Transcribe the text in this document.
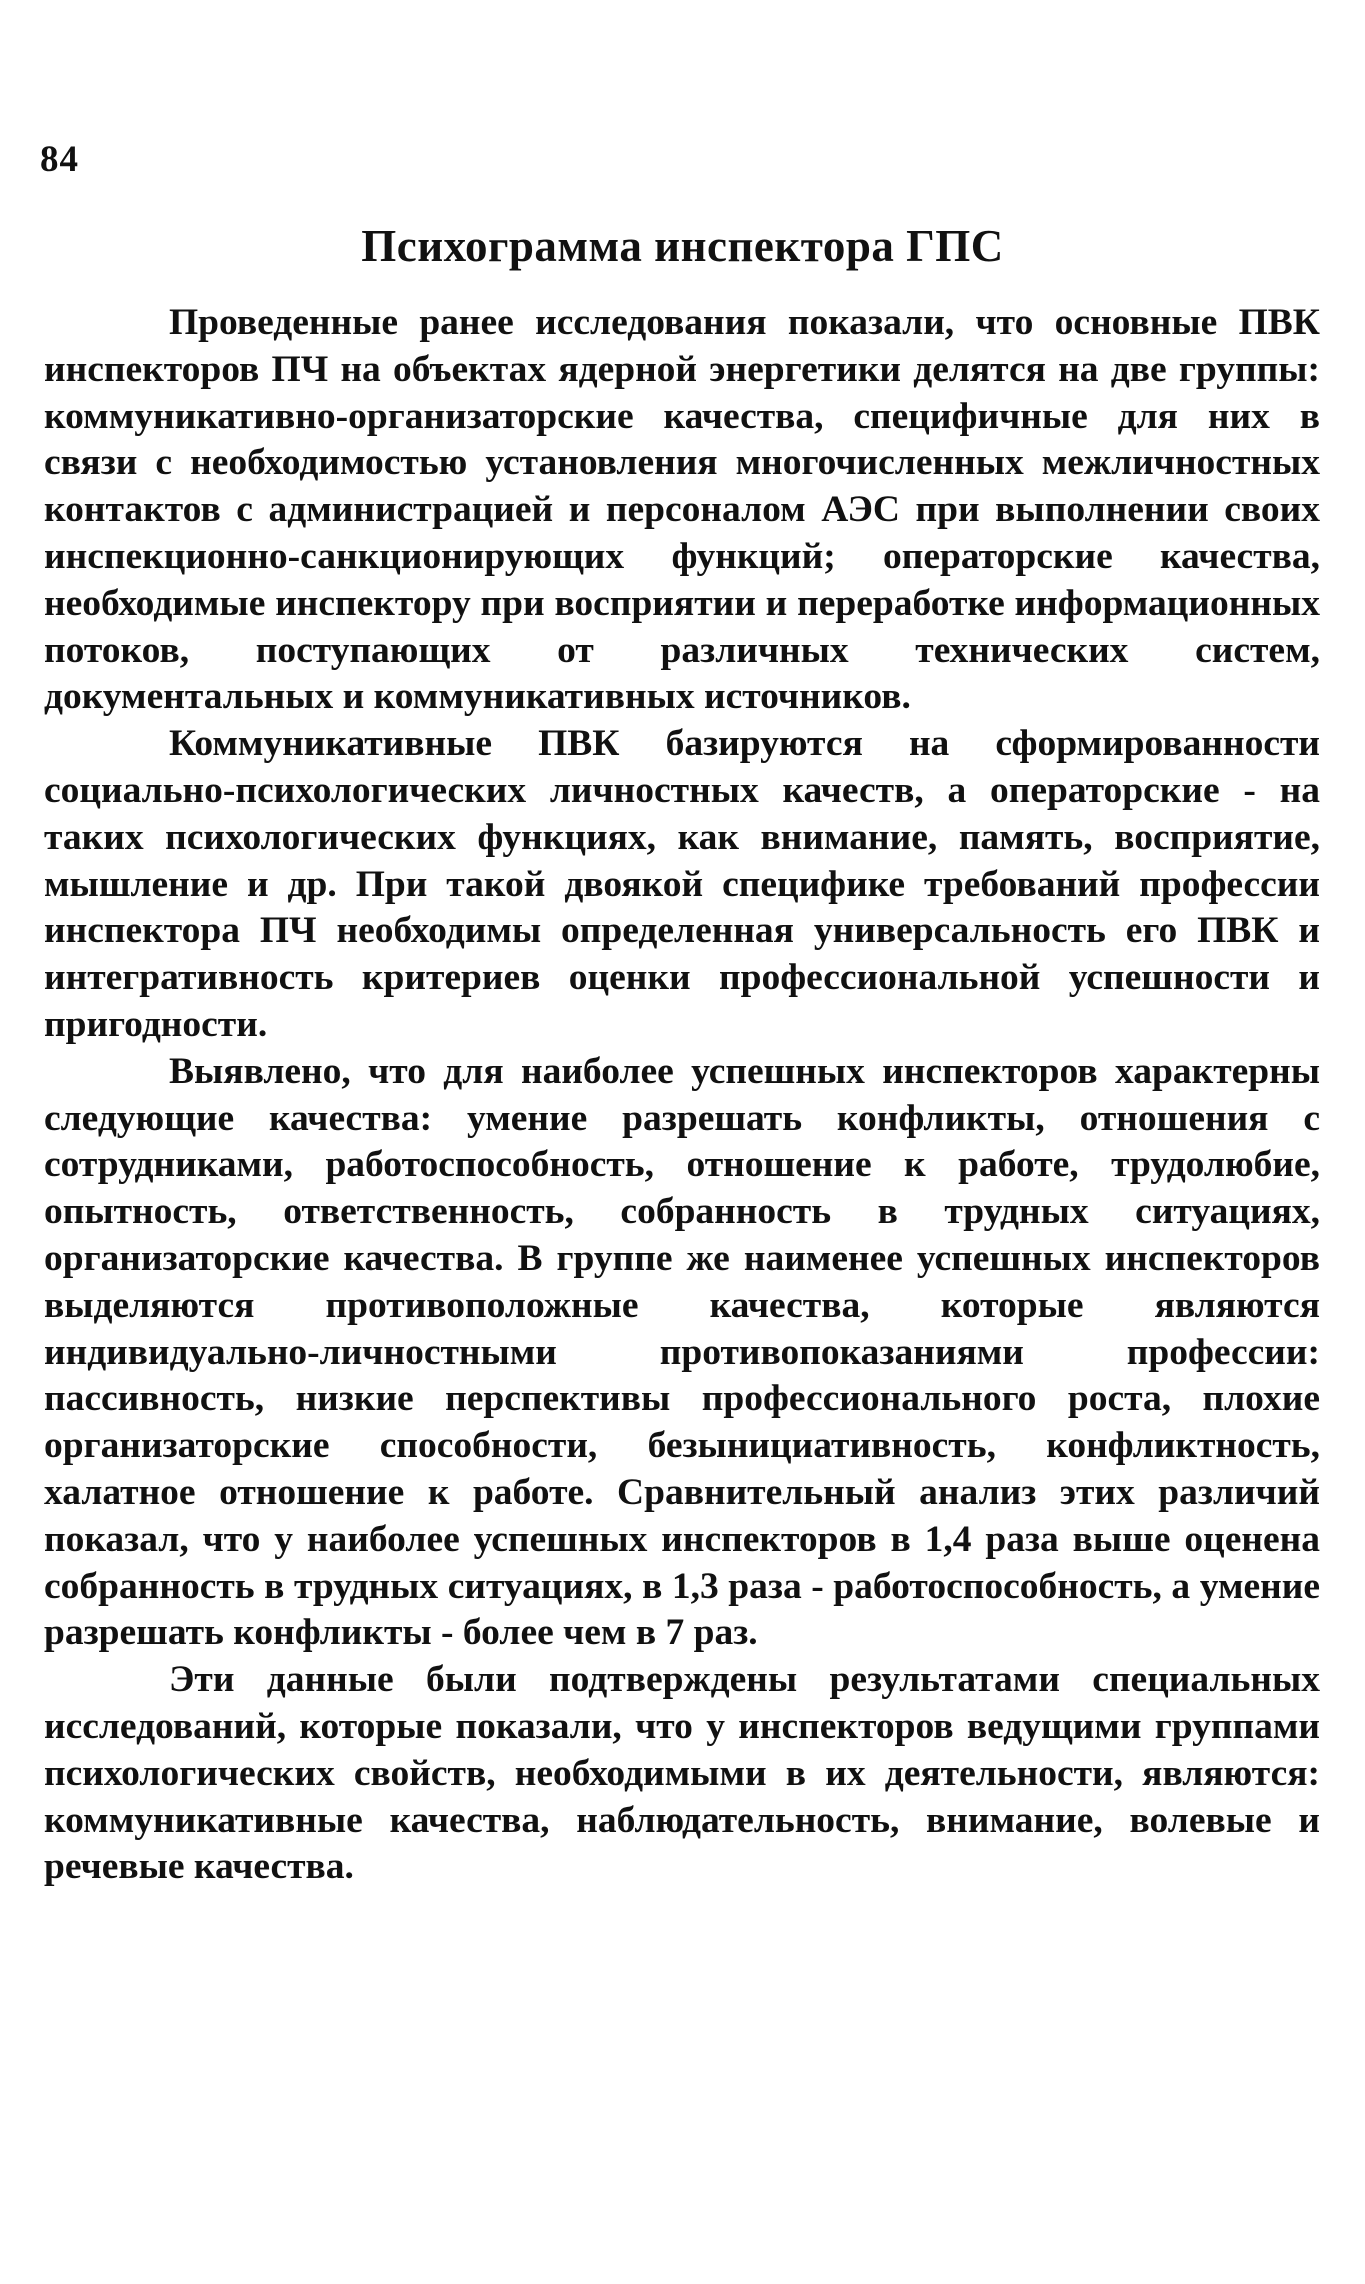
84
Психограмма инспектора ГПС

Проведенные ранее исследования показали, что основные ПВК инспекторов ПЧ на объектах ядерной энергетики делятся на две группы: коммуникативно-организаторские качества, специфичные для них в связи с необходимостью установления многочисленных межличностных контактов с администрацией и персоналом АЭС при выполнении своих инспекционно-санкционирующих функций; операторские качества, необходимые инспектору при восприятии и переработке информационных потоков, поступающих от различных технических систем, документальных и коммуникативных источников.

Коммуникативные ПВК базируются на сформированности социально-психологических личностных качеств, а операторские - на таких психологических функциях, как внимание, память, восприятие, мышление и др. При такой двоякой специфике требований профессии инспектора ПЧ необходимы определенная универсальность его ПВК и интегративность критериев оценки профессиональной успешности и пригодности.

Выявлено, что для наиболее успешных инспекторов характерны следующие качества: умение разрешать конфликты, отношения с сотрудниками, работоспособность, отношение к работе, трудолюбие, опытность, ответственность, собранность в трудных ситуациях, организаторские качества. В группе же наименее успешных инспекторов выделяются противоположные качества, которые являются индивидуально-личностными противопоказаниями профессии: пассивность, низкие перспективы профессионального роста, плохие организаторские способности, безынициативность, конфликтность, халатное отношение к работе. Сравнительный анализ этих различий показал, что у наиболее успешных инспекторов в 1,4 раза выше оценена собранность в трудных ситуациях, в 1,3 раза - работоспособность, а умение разрешать конфликты - более чем в 7 раз.

Эти данные были подтверждены результатами специальных исследований, которые показали, что у инспекторов ведущими группами психологических свойств, необходимыми в их деятельности, являются: коммуникативные качества, наблюдательность, внимание, волевые и речевые качества.
